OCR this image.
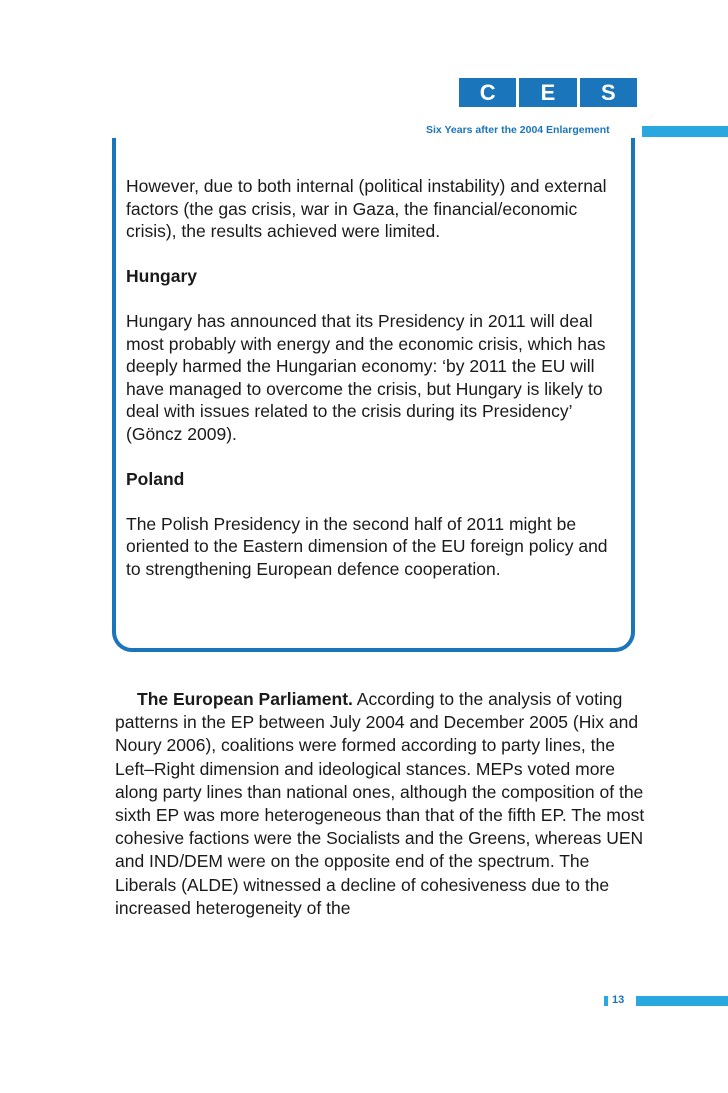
C	E	S
Six Years after the 2004 Enlargement

However, due to both internal (political instability) and external factors (the gas crisis, war in Gaza, the financial/economic crisis), the results achieved were limited.

Hungary

Hungary has announced that its Presidency in 2011 will deal most probably with energy and the economic crisis, which has deeply harmed the Hungarian economy: ‘by 2011 the EU will have managed to overcome the crisis, but Hungary is likely to deal with issues related to the crisis during its Presidency’ (Göncz 2009).

Poland

The Polish Presidency in the second half of 2011 might be oriented to the Eastern dimension of the EU foreign policy and to strengthening European defence cooperation.

The European Parliament. According to the analysis of voting patterns in the EP between July 2004 and December 2005 (Hix and Noury 2006), coalitions were formed according to party lines, the Left–Right dimension and ideological stances. MEPs voted more along party lines than national ones, although the composition of the sixth EP was more heterogeneous than that of the fifth EP. The most cohesive factions were the Socialists and the Greens, whereas UEN and IND/DEM were on the opposite end of the spectrum. The Liberals (ALDE) witnessed a decline of cohesiveness due to the increased heterogeneity of the

13
